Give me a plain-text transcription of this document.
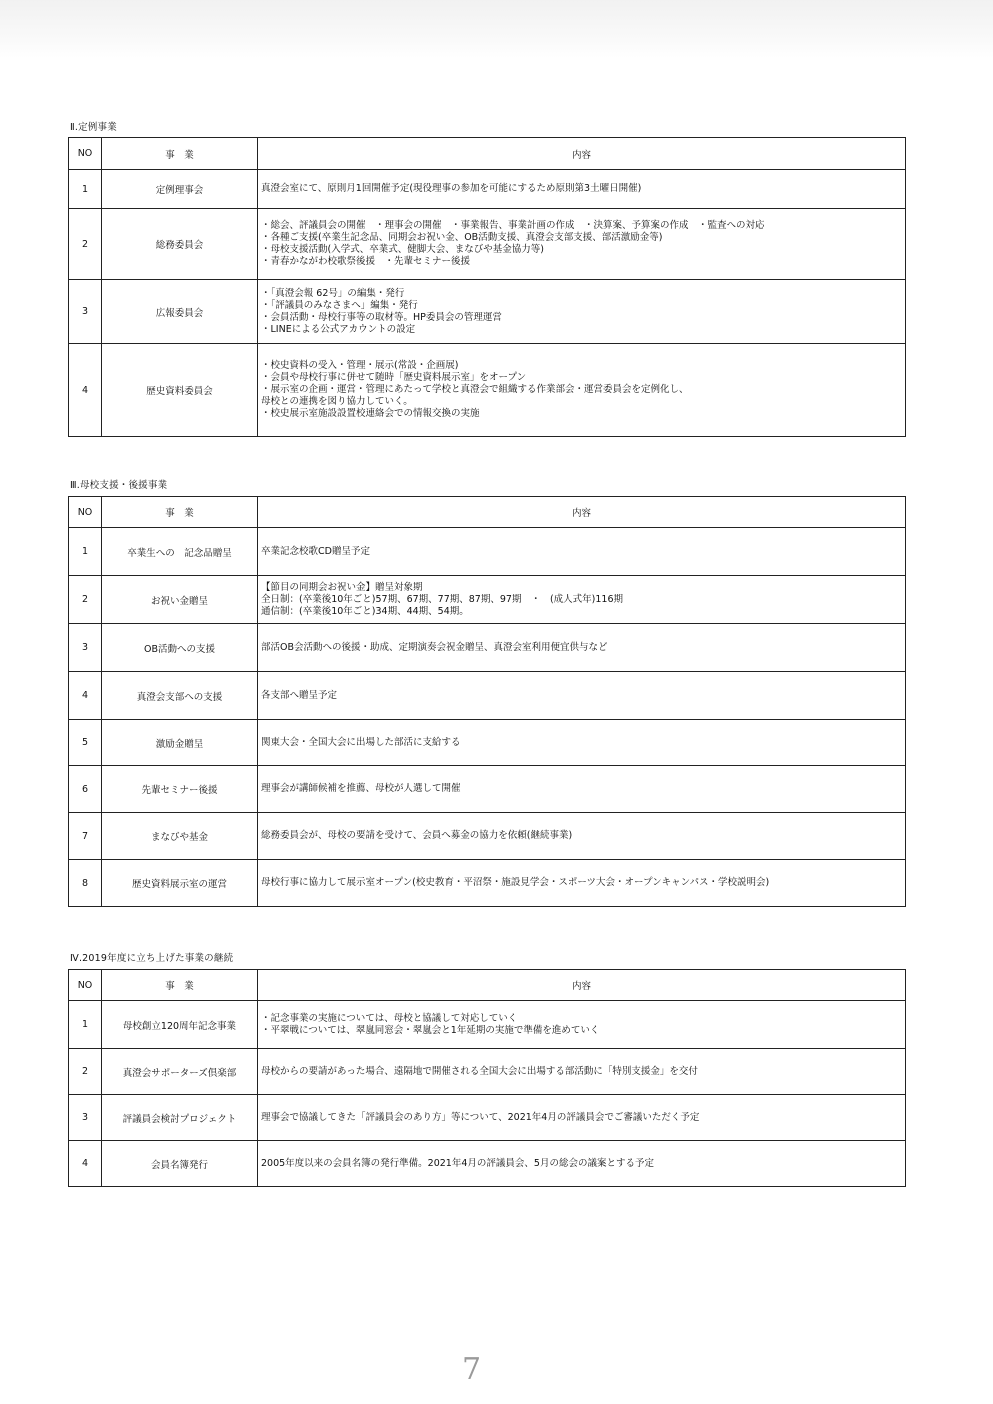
Ⅱ.定例事業
NO	事　業	内容
1	定例理事会	真澄会室にて、原則月1回開催予定(現役理事の参加を可能にするため原則第3土曜日開催)

2	総務委員会	・総会、評議員会の開催　・理事会の開催　・事業報告、事業計画の作成　・決算案、予算案の作成　・監査への対応
・各種ご支援(卒業生記念品、同期会お祝い金、OB活動支援、真澄会支部支援、部活激励金等)
・母校支援活動(入学式、卒業式、健脚大会、まなびや基金協力等)
・青春かながわ校歌祭後援　・先輩セミナー後援

3	広報委員会	・「真澄会報 62号」の編集・発行
・「評議員のみなさまへ」編集・発行
・会員活動・母校行事等の取材等。HP委員会の管理運営
・LINEによる公式アカウントの設定

4	歴史資料委員会	・校史資料の受入・管理・展示(常設・企画展)
・会員や母校行事に併せて随時「歴史資料展示室」をオープン
・展示室の企画・運営・管理にあたって学校と真澄会で組織する作業部会・運営委員会を定例化し、
母校との連携を図り協力していく。
・校史展示室施設設置校連絡会での情報交換の実施
Ⅲ.母校支援・後援事業
NO	事　業	内容
1	卒業生への　記念品贈呈	卒業記念校歌CD贈呈予定

2	お祝い金贈呈	【節目の同期会お祝い金】贈呈対象期
全日制：(卒業後10年ごと)57期、67期、77期、87期、97期　・　(成人式年)116期
通信制：(卒業後10年ごと)34期、44期、54期。

3	OB活動への支援	部活OB会活動への後援・助成、定期演奏会祝金贈呈、真澄会室利用便宜供与など

4	真澄会支部への支援	各支部へ贈呈予定

5	激励金贈呈	関東大会・全国大会に出場した部活に支給する

6	先輩セミナー後援	理事会が講師候補を推薦、母校が人選して開催

7	まなびや基金	総務委員会が、母校の要請を受けて、会員へ募金の協力を依頼(継続事業)

8	歴史資料展示室の運営	母校行事に協力して展示室オープン(校史教育・平沼祭・施設見学会・スポーツ大会・オープンキャンパス・学校説明会)
Ⅳ.2019年度に立ち上げた事業の継続
NO	事　業	内容
1	母校創立120周年記念事業	・記念事業の実施については、母校と協議して対応していく
・平翠戦については、翠嵐同窓会・翠嵐会と1年延期の実施で準備を進めていく

2	真澄会サポーターズ倶楽部	母校からの要請があった場合、遠隔地で開催される全国大会に出場する部活動に「特別支援金」を交付

3	評議員会検討プロジェクト	理事会で協議してきた「評議員会のあり方」等について、2021年4月の評議員会でご審議いただく予定

4	会員名簿発行	2005年度以来の会員名簿の発行準備。2021年4月の評議員会、5月の総会の議案とする予定
7
